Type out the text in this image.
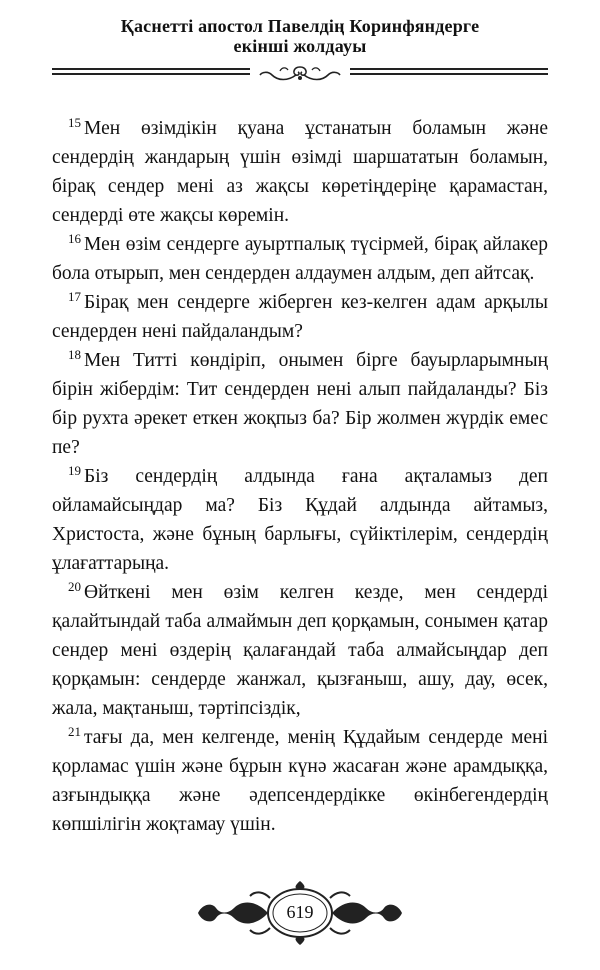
Қаснетті апостол Павелдің Коринфяндерге
екінші жолдауы

$^{15}$ Мен өзімдікін қуана ұстанатын боламын және сендердің жандарың үшін өзімді шаршататын боламын, бірақ сендер мені аз жақсы көретіңдеріңе қарамастан, сендерді өте жақсы көремін.

$^{16}$ Мен өзім сендерге ауыртпалық түсірмей, бірақ айлакер бола отырып, мен сендерден алдаумен алдым, деп айтсақ.

$^{17}$ Бірақ мен сендерге жіберген кез-келген адам арқылы сендерден нені пайдаландым?

$^{18}$ Мен Титті көндіріп, онымен бірге бауырларымның бірін жібердім: Тит сендерден нені алып пайдаланды? Біз бір рухта әрекет еткен жоқпыз ба? Бір жолмен жүрдік емес пе?

$^{19}$ Біз сендердің алдында ғана ақталамыз деп ойламайсыңдар ма? Біз Құдай алдында айтамыз, Христоста, және бұның барлығы, сүйіктілерім, сендердің ұлағаттарыңа.

$^{20}$ Өйткені мен өзім келген кезде, мен сендерді қалайтындай таба алмаймын деп қорқамын, сонымен қатар сендер мені өздерің қалағандай таба алмайсыңдар деп қорқамын: сендерде жанжал, қызғаныш, ашу, дау, өсек, жала, мақтаныш, тәртіпсіздік,

$^{21}$ тағы да, мен келгенде, менің Құдайым сендерде мені қорламас үшін және бұрын күнә жасаған және арамдыққа, азғындыққа және әдепсендердікке өкінбегендердің көпшілігін жоқтамау үшін.

619
